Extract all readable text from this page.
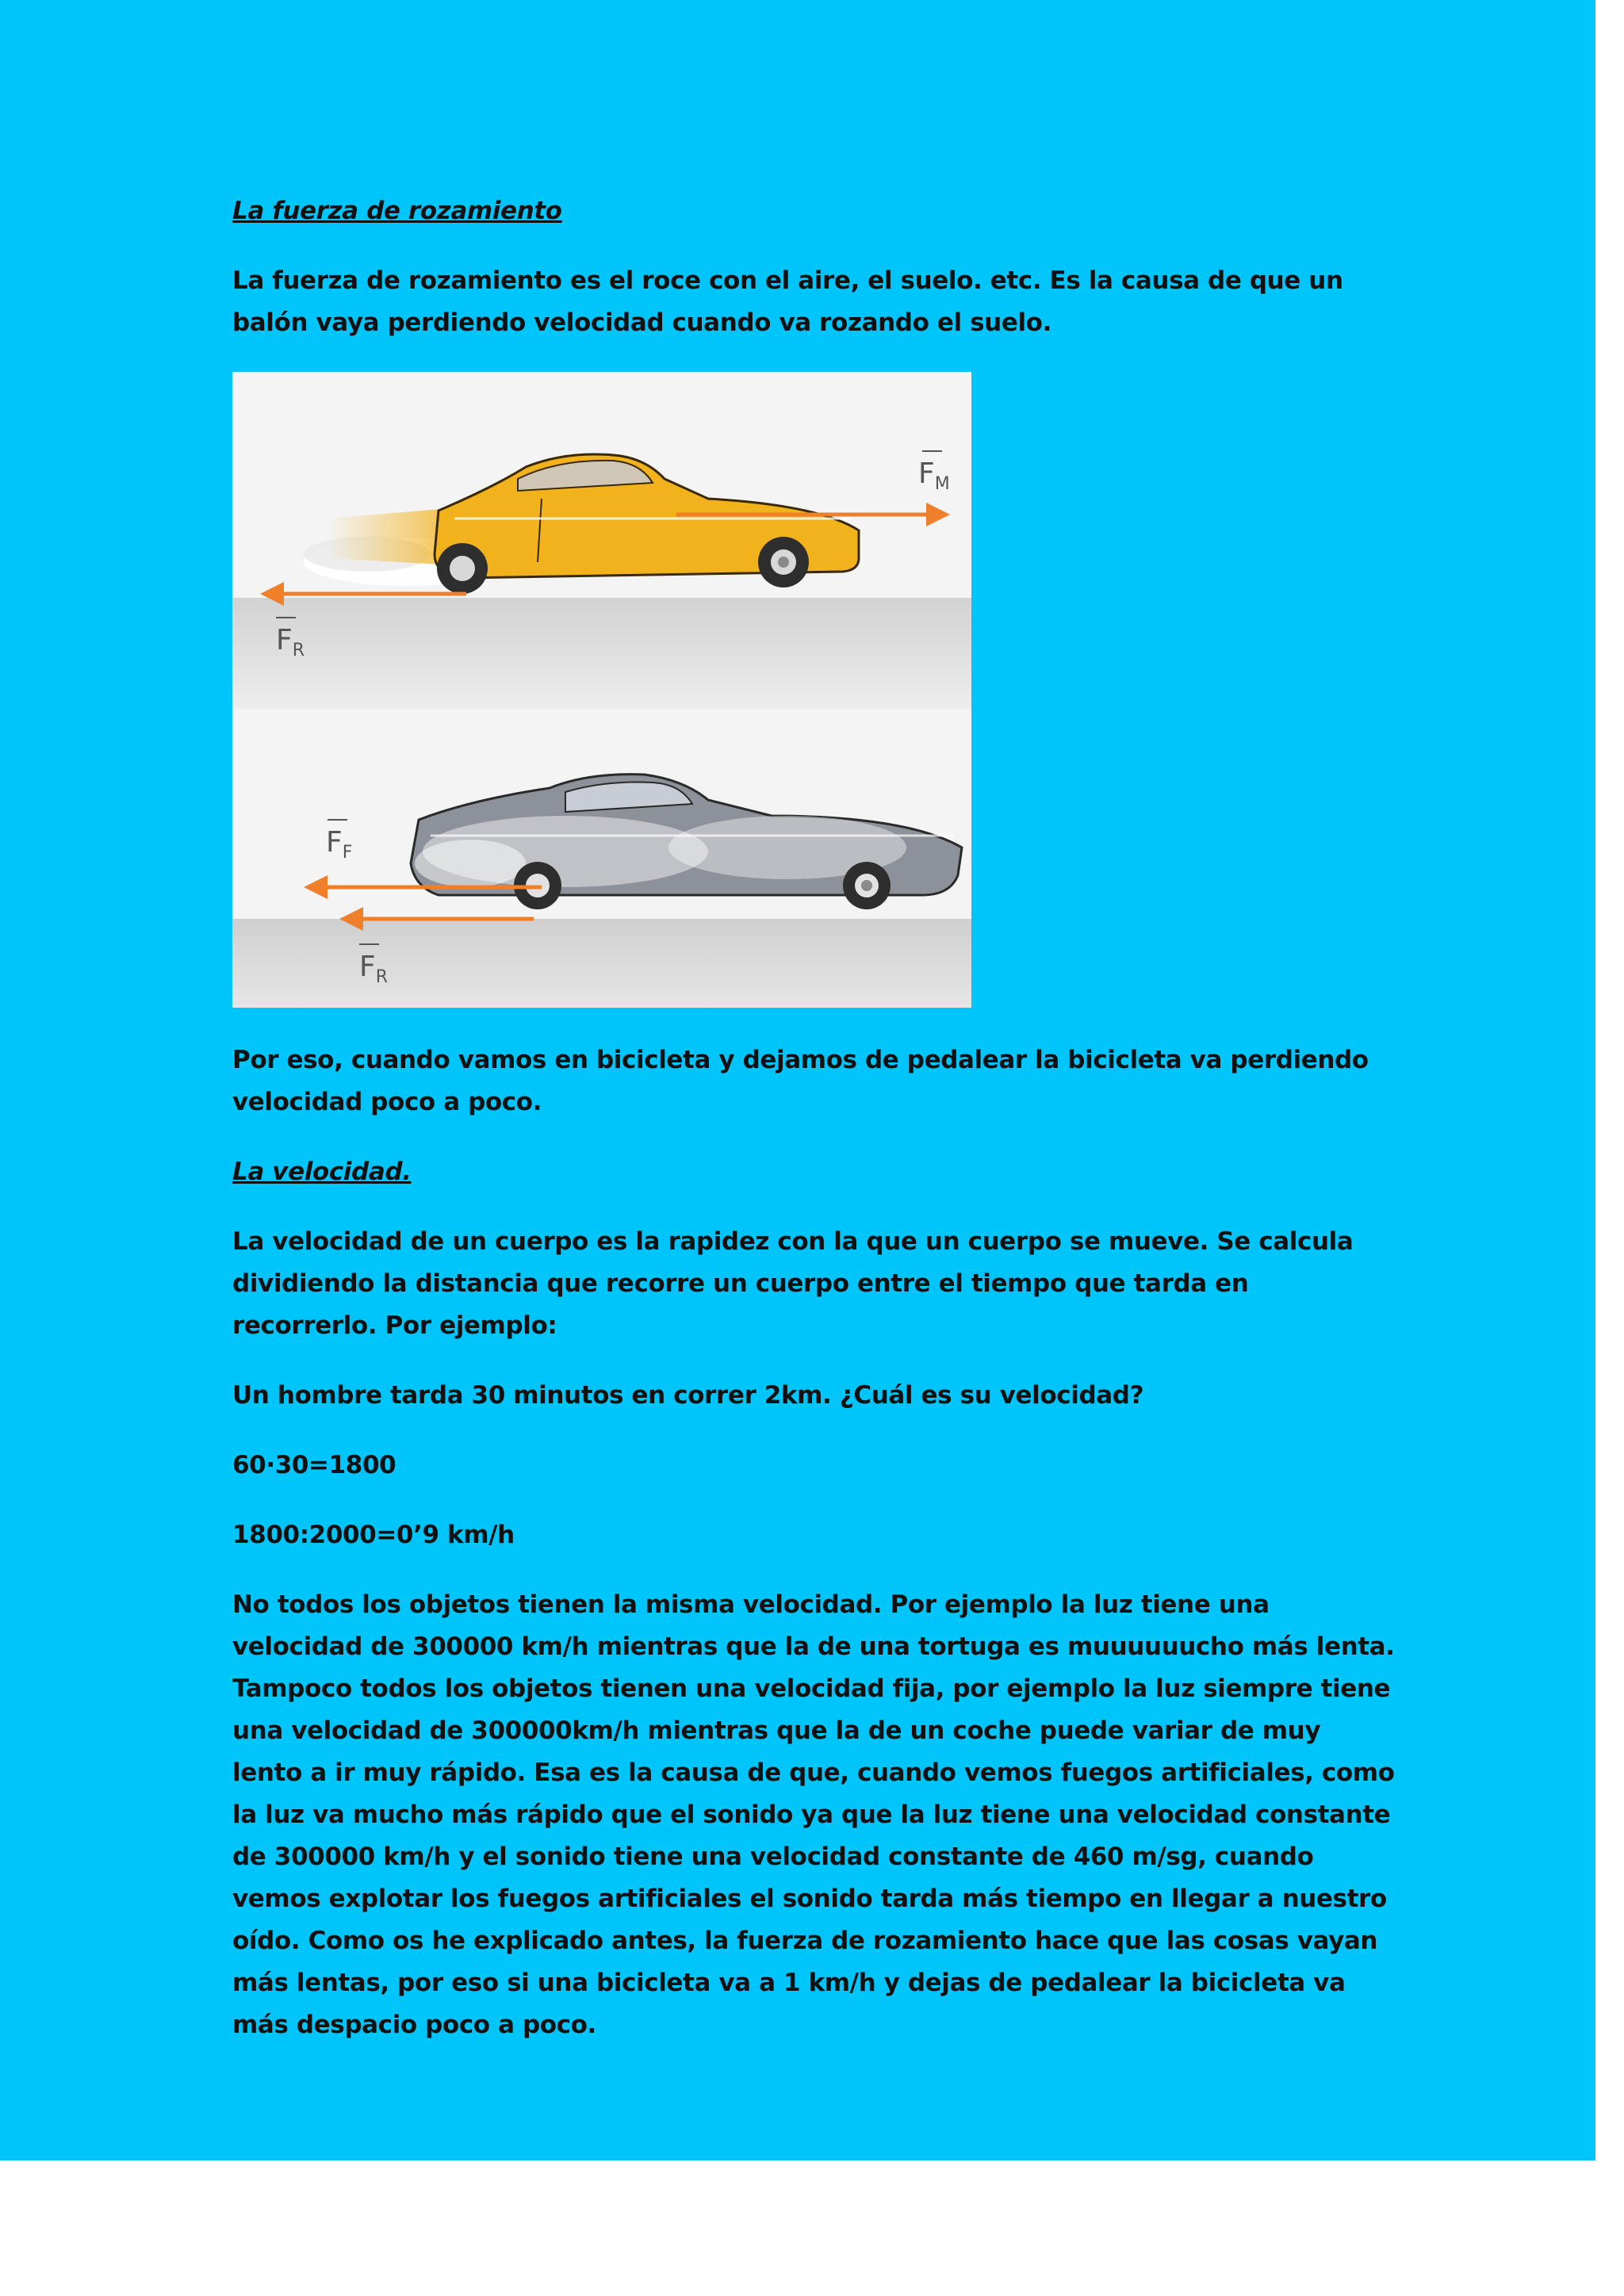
La fuerza de rozamiento

La fuerza de rozamiento es el roce con el aire, el suelo. etc. Es la causa de que un balón vaya perdiendo velocidad cuando va rozando el suelo.

$F_M$
$F_R$
$F_F$
$F_R$

Por eso, cuando vamos en bicicleta y dejamos de pedalear la bicicleta va perdiendo velocidad poco a poco.

La velocidad.

La velocidad de un cuerpo es la rapidez con la que un cuerpo se mueve. Se calcula dividiendo la distancia que recorre un cuerpo entre el tiempo que tarda en recorrerlo. Por ejemplo:

Un hombre tarda 30 minutos en correr 2km. ¿Cuál es su velocidad?

60·30=1800

1800:2000=0’9 km/h

No todos los objetos tienen la misma velocidad. Por ejemplo la luz tiene una velocidad de 300000 km/h mientras que la de una tortuga es muuuuuucho más lenta. Tampoco todos los objetos tienen una velocidad fija, por ejemplo la luz siempre tiene una velocidad de 300000km/h mientras que la de un coche puede variar de muy lento a ir muy rápido. Esa es la causa de que, cuando vemos fuegos artificiales, como la luz va mucho más rápido que el sonido ya que la luz tiene una velocidad constante de 300000 km/h y el sonido tiene una velocidad constante de 460 m/sg, cuando vemos explotar los fuegos artificiales el sonido tarda más tiempo en llegar a nuestro oído. Como os he explicado antes, la fuerza de rozamiento hace que las cosas vayan más lentas, por eso si una bicicleta va a 1 km/h y dejas de pedalear la bicicleta va más despacio poco a poco.
